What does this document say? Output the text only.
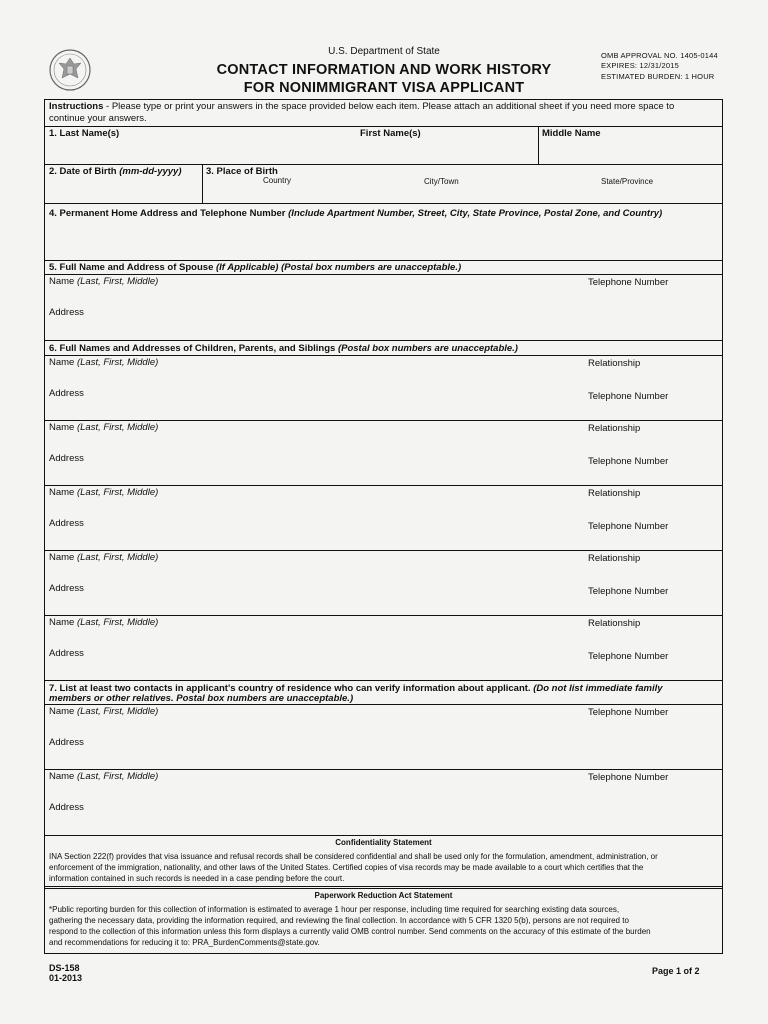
U.S. Department of State
CONTACT INFORMATION AND WORK HISTORY
FOR NONIMMIGRANT VISA APPLICANT
OMB APPROVAL NO. 1405-0144
EXPIRES: 12/31/2015
ESTIMATED BURDEN: 1 HOUR
Instructions - Please type or print your answers in the space provided below each item. Please attach an additional sheet if you need more space to
continue your answers.
1. Last Name(s)	First Name(s)	Middle Name
2. Date of Birth (mm-dd-yyyy)	3. Place of Birth
Country	City/Town	State/Province
4. Permanent Home Address and Telephone Number (Include Apartment Number, Street, City, State Province, Postal Zone, and Country)
5. Full Name and Address of Spouse (If Applicable) (Postal box numbers are unacceptable.)
Name (Last, First, Middle)	Telephone Number
Address
6. Full Names and Addresses of Children, Parents, and Siblings (Postal box numbers are unacceptable.)
Name (Last, First, Middle)	Relationship
Address	Telephone Number
Name (Last, First, Middle)	Relationship
Address	Telephone Number
Name (Last, First, Middle)	Relationship
Address	Telephone Number
Name (Last, First, Middle)	Relationship
Address	Telephone Number
Name (Last, First, Middle)	Relationship
Address	Telephone Number
7. List at least two contacts in applicant's country of residence who can verify information about applicant. (Do not list immediate family
members or other relatives. Postal box numbers are unacceptable.)
Name (Last, First, Middle)	Telephone Number
Address
Name (Last, First, Middle)	Telephone Number
Address
Confidentiality Statement
INA Section 222(f) provides that visa issuance and refusal records shall be considered confidential and shall be used only for the formulation, amendment, administration, or
enforcement of the immigration, nationality, and other laws of the United States. Certified copies of visa records may be made available to a court which certifies that the
information contained in such records is needed in a case pending before the court.
Paperwork Reduction Act Statement
*Public reporting burden for this collection of information is estimated to average 1 hour per response, including time required for searching existing data sources,
gathering the necessary data, providing the information required, and reviewing the final collection. In accordance with 5 CFR 1320 5(b), persons are not required to
respond to the collection of this information unless this form displays a currently valid OMB control number. Send comments on the accuracy of this estimate of the burden
and recommendations for reducing it to: PRA_BurdenComments@state.gov.
DS-158
01-2013
Page 1 of 2
